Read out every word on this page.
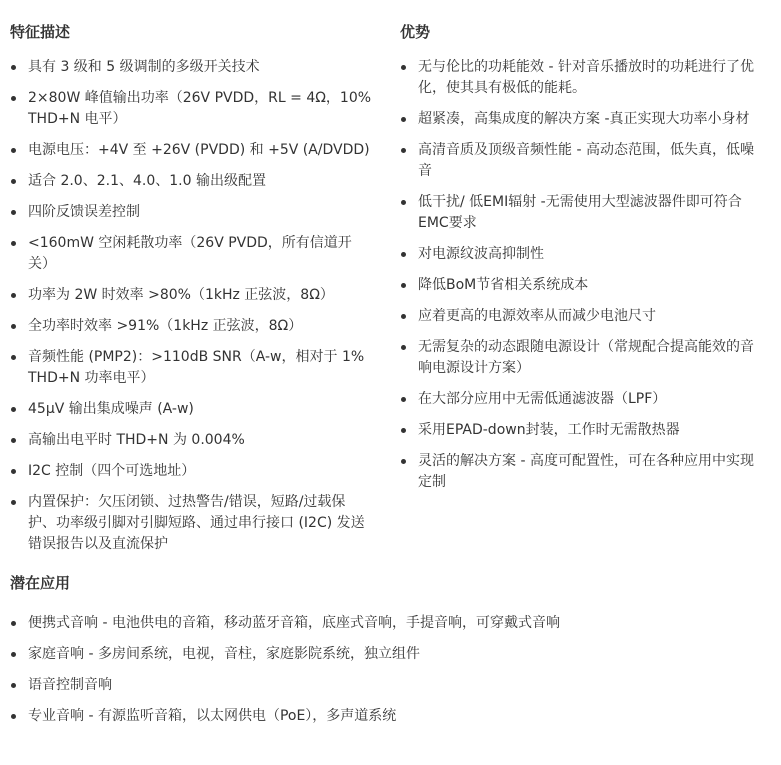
特征描述
具有 3 级和 5 级调制的多级开关技术
2×80W 峰值输出功率（26V PVDD，RL = 4Ω，10% THD+N 电平）
电源电压：+4V 至 +26V (PVDD) 和 +5V (A/DVDD)
适合 2.0、2.1、4.0、1.0 输出级配置
四阶反馈误差控制
<160mW 空闲耗散功率（26V PVDD，所有信道开关）
功率为 2W 时效率 >80%（1kHz 正弦波，8Ω）
全功率时效率 >91%（1kHz 正弦波，8Ω）
音频性能 (PMP2)：>110dB SNR（A-w，相对于 1% THD+N 功率电平）
45µV 输出集成噪声 (A-w)
高输出电平时 THD+N 为 0.004%
I2C 控制（四个可选地址）
内置保护：欠压闭锁、过热警告/错误，短路/过载保护、功率级引脚对引脚短路、通过串行接口 (I2C) 发送错误报告以及直流保护
优势
无与伦比的功耗能效 - 针对音乐播放时的功耗进行了优化，使其具有极低的能耗。
超紧凑，高集成度的解决方案 -真正实现大功率小身材
高清音质及顶级音频性能 - 高动态范围，低失真，低噪音
低干扰/ 低EMI辐射 -无需使用大型滤波器件即可符合EMC要求
对电源纹波高抑制性
降低BoM节省相关系统成本
应着更高的电源效率从而减少电池尺寸
无需复杂的动态跟随电源设计（常规配合提高能效的音响电源设计方案）
在大部分应用中无需低通滤波器（LPF）
采用EPAD-down封装，工作时无需散热器
灵活的解决方案 - 高度可配置性，可在各种应用中实现定制
潜在应用
便携式音响 - 电池供电的音箱，移动蓝牙音箱，底座式音响，手提音响，可穿戴式音响
家庭音响 - 多房间系统，电视，音柱，家庭影院系统，独立组件
语音控制音响
专业音响 - 有源监听音箱，以太网供电（PoE），多声道系统
